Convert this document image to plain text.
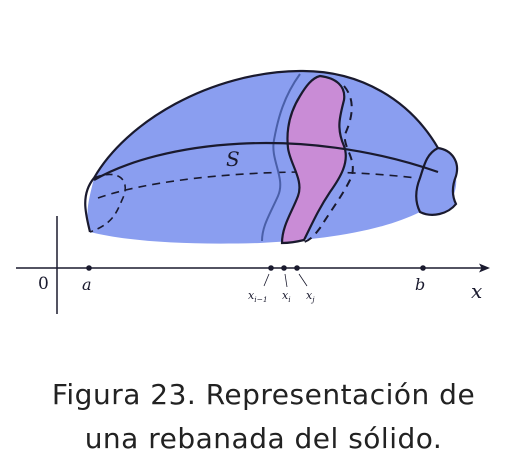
S
0 a	b x
$x_{i-1}$ $x_i$ $x_j$
Figura 23. Representación de
una rebanada del sólido.
